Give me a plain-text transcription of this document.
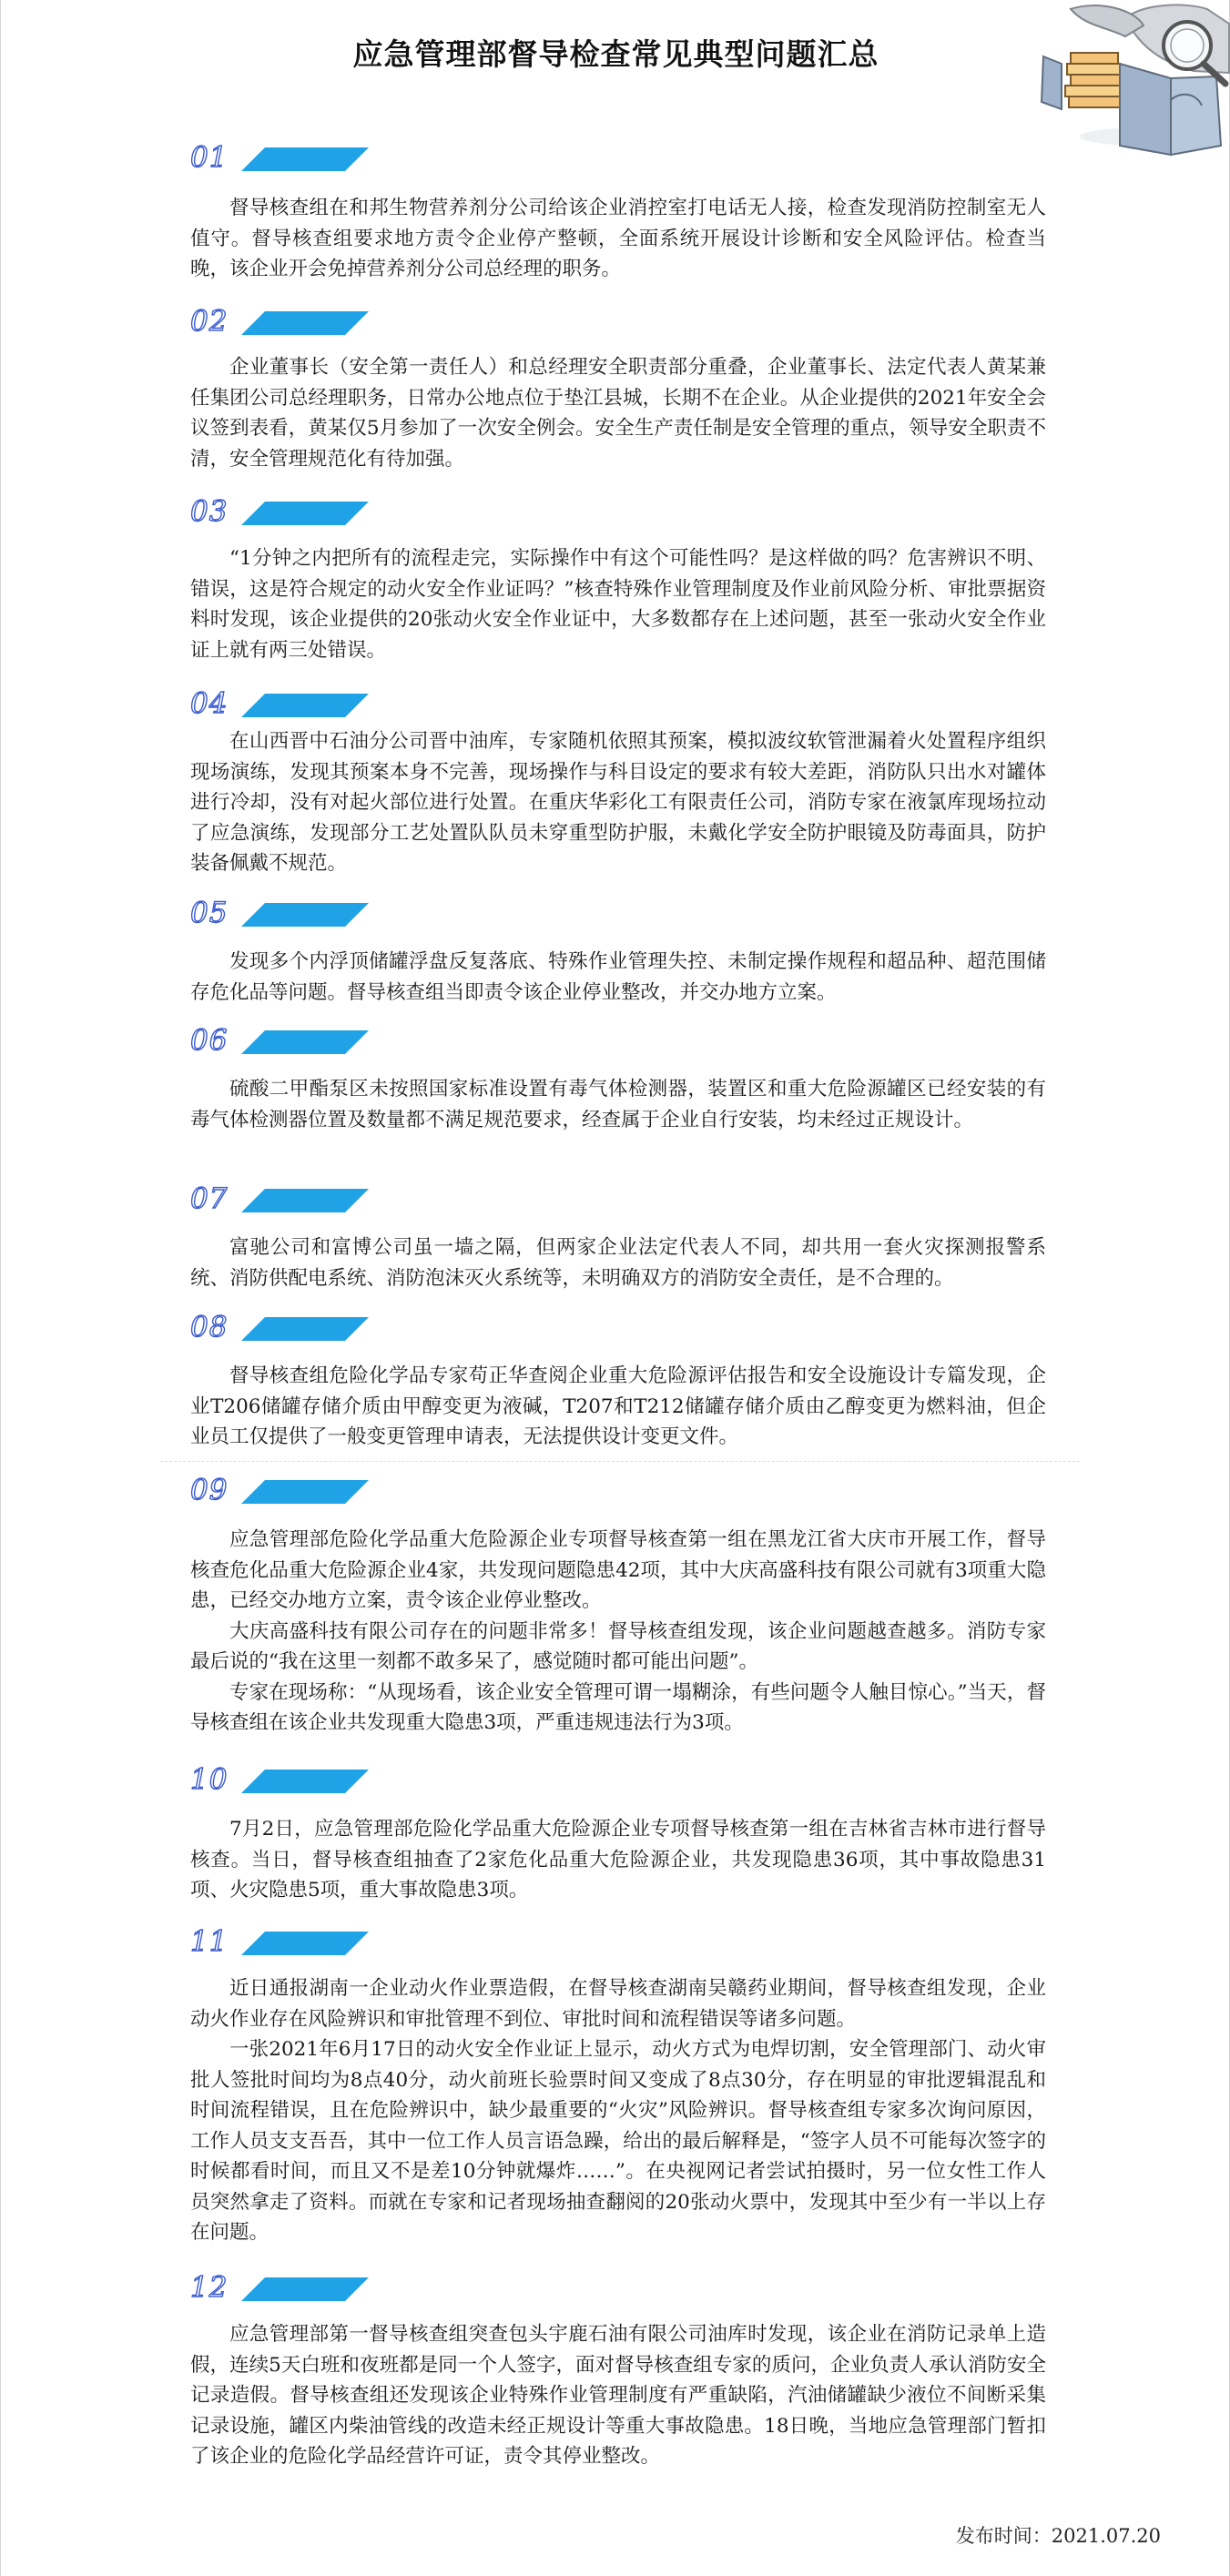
应急管理部督导检查常见典型问题汇总
01

督导核查组在和邦生物营养剂分公司给该企业消控室打电话无人接，检查发现消防控制室无人值守。督导核查组要求地方责令企业停产整顿，全面系统开展设计诊断和安全风险评估。检查当晚，该企业开会免掉营养剂分公司总经理的职务。

02

企业董事长（安全第一责任人）和总经理安全职责部分重叠，企业董事长、法定代表人黄某兼任集团公司总经理职务，日常办公地点位于垫江县城，长期不在企业。从企业提供的2021年安全会议签到表看，黄某仅5月参加了一次安全例会。安全生产责任制是安全管理的重点，领导安全职责不清，安全管理规范化有待加强。

03

“1分钟之内把所有的流程走完，实际操作中有这个可能性吗？是这样做的吗？危害辨识不明、错误，这是符合规定的动火安全作业证吗？”核查特殊作业管理制度及作业前风险分析、审批票据资料时发现，该企业提供的20张动火安全作业证中，大多数都存在上述问题，甚至一张动火安全作业证上就有两三处错误。

04

在山西晋中石油分公司晋中油库，专家随机依照其预案，模拟波纹软管泄漏着火处置程序组织现场演练，发现其预案本身不完善，现场操作与科目设定的要求有较大差距，消防队只出水对罐体进行冷却，没有对起火部位进行处置。在重庆华彩化工有限责任公司，消防专家在液氯库现场拉动了应急演练，发现部分工艺处置队队员未穿重型防护服，未戴化学安全防护眼镜及防毒面具，防护装备佩戴不规范。

05

发现多个内浮顶储罐浮盘反复落底、特殊作业管理失控、未制定操作规程和超品种、超范围储存危化品等问题。督导核查组当即责令该企业停业整改，并交办地方立案。

06

硫酸二甲酯泵区未按照国家标准设置有毒气体检测器，装置区和重大危险源罐区已经安装的有毒气体检测器位置及数量都不满足规范要求，经查属于企业自行安装，均未经过正规设计。

07

富驰公司和富博公司虽一墙之隔，但两家企业法定代表人不同，却共用一套火灾探测报警系统、消防供配电系统、消防泡沫灭火系统等，未明确双方的消防安全责任，是不合理的。

08

督导核查组危险化学品专家苟正华查阅企业重大危险源评估报告和安全设施设计专篇发现，企业T206储罐存储介质由甲醇变更为液碱，T207和T212储罐存储介质由乙醇变更为燃料油，但企业员工仅提供了一般变更管理申请表，无法提供设计变更文件。

09

应急管理部危险化学品重大危险源企业专项督导核查第一组在黑龙江省大庆市开展工作，督导核查危化品重大危险源企业4家，共发现问题隐患42项，其中大庆高盛科技有限公司就有3项重大隐患，已经交办地方立案，责令该企业停业整改。

大庆高盛科技有限公司存在的问题非常多！督导核查组发现，该企业问题越查越多。消防专家最后说的“我在这里一刻都不敢多呆了，感觉随时都可能出问题”。

专家在现场称：“从现场看，该企业安全管理可谓一塌糊涂，有些问题令人触目惊心。”当天，督导核查组在该企业共发现重大隐患3项，严重违规违法行为3项。

10

7月2日，应急管理部危险化学品重大危险源企业专项督导核查第一组在吉林省吉林市进行督导核查。当日，督导核查组抽查了2家危化品重大危险源企业，共发现隐患36项，其中事故隐患31项、火灾隐患5项，重大事故隐患3项。

11

近日通报湖南一企业动火作业票造假，在督导核查湖南吴赣药业期间，督导核查组发现，企业动火作业存在风险辨识和审批管理不到位、审批时间和流程错误等诸多问题。

一张2021年6月17日的动火安全作业证上显示，动火方式为电焊切割，安全管理部门、动火审批人签批时间均为8点40分，动火前班长验票时间又变成了8点30分，存在明显的审批逻辑混乱和时间流程错误，且在危险辨识中，缺少最重要的“火灾”风险辨识。督导核查组专家多次询问原因，工作人员支支吾吾，其中一位工作人员言语急躁，给出的最后解释是，“签字人员不可能每次签字的时候都看时间，而且又不是差10分钟就爆炸……”。在央视网记者尝试拍摄时，另一位女性工作人员突然拿走了资料。而就在专家和记者现场抽查翻阅的20张动火票中，发现其中至少有一半以上存在问题。

12

应急管理部第一督导核查组突查包头宇鹿石油有限公司油库时发现，该企业在消防记录单上造假，连续5天白班和夜班都是同一个人签字，面对督导核查组专家的质问，企业负责人承认消防安全记录造假。督导核查组还发现该企业特殊作业管理制度有严重缺陷，汽油储罐缺少液位不间断采集记录设施，罐区内柴油管线的改造未经正规设计等重大事故隐患。18日晚，当地应急管理部门暂扣了该企业的危险化学品经营许可证，责令其停业整改。

发布时间：2021.07.20
